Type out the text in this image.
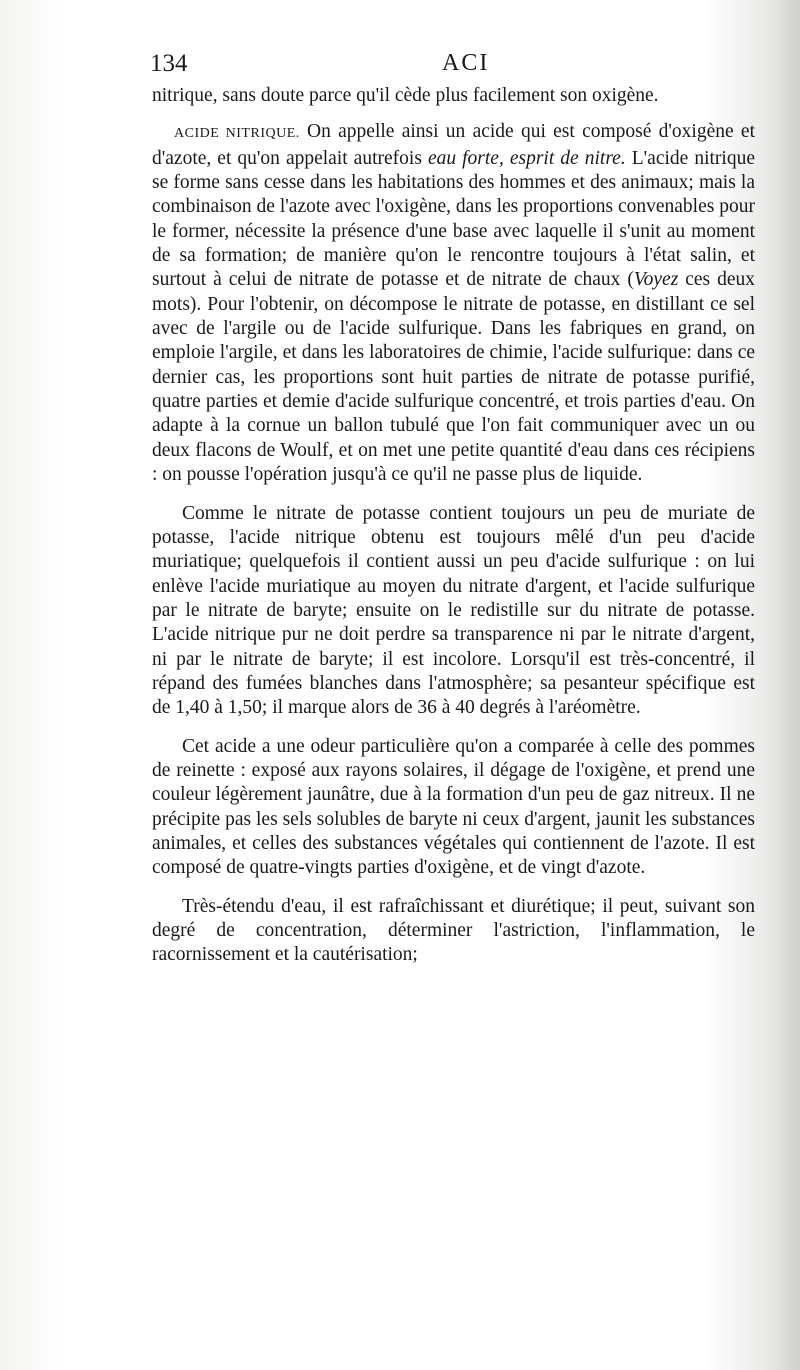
134	ACI

nitrique, sans doute parce qu'il cède plus facilement son oxigène.

ACIDE NITRIQUE. On appelle ainsi un acide qui est composé d'oxigène et d'azote, et qu'on appelait autrefois eau forte, esprit de nitre. L'acide nitrique se forme sans cesse dans les habitations des hommes et des animaux; mais la combinaison de l'azote avec l'oxigène, dans les proportions convenables pour le former, nécessite la présence d'une base avec laquelle il s'unit au moment de sa formation; de manière qu'on le rencontre toujours à l'état salin, et surtout à celui de nitrate de potasse et de nitrate de chaux (Voyez ces deux mots). Pour l'obtenir, on décompose le nitrate de potasse, en distillant ce sel avec de l'argile ou de l'acide sulfurique. Dans les fabriques en grand, on emploie l'argile, et dans les laboratoires de chimie, l'acide sulfurique: dans ce dernier cas, les proportions sont huit parties de nitrate de potasse purifié, quatre parties et demie d'acide sulfurique concentré, et trois parties d'eau. On adapte à la cornue un ballon tubulé que l'on fait communiquer avec un ou deux flacons de Woulf, et on met une petite quantité d'eau dans ces récipiens : on pousse l'opération jusqu'à ce qu'il ne passe plus de liquide.

Comme le nitrate de potasse contient toujours un peu de muriate de potasse, l'acide nitrique obtenu est toujours mêlé d'un peu d'acide muriatique; quelquefois il contient aussi un peu d'acide sulfurique : on lui enlève l'acide muriatique au moyen du nitrate d'argent, et l'acide sulfurique par le nitrate de baryte; ensuite on le redistille sur du nitrate de potasse. L'acide nitrique pur ne doit perdre sa transparence ni par le nitrate d'argent, ni par le nitrate de baryte; il est incolore. Lorsqu'il est très-concentré, il répand des fumées blanches dans l'atmosphère; sa pesanteur spécifique est de 1,40 à 1,50; il marque alors de 36 à 40 degrés à l'aréomètre.

Cet acide a une odeur particulière qu'on a comparée à celle des pommes de reinette : exposé aux rayons solaires, il dégage de l'oxigène, et prend une couleur légèrement jaunâtre, due à la formation d'un peu de gaz nitreux. Il ne précipite pas les sels solubles de baryte ni ceux d'argent, jaunit les substances animales, et celles des substances végétales qui contiennent de l'azote. Il est composé de quatre-vingts parties d'oxigène, et de vingt d'azote.

Très-étendu d'eau, il est rafraîchissant et diurétique; il peut, suivant son degré de concentration, déterminer l'astriction, l'inflammation, le racornissement et la cautérisation;
